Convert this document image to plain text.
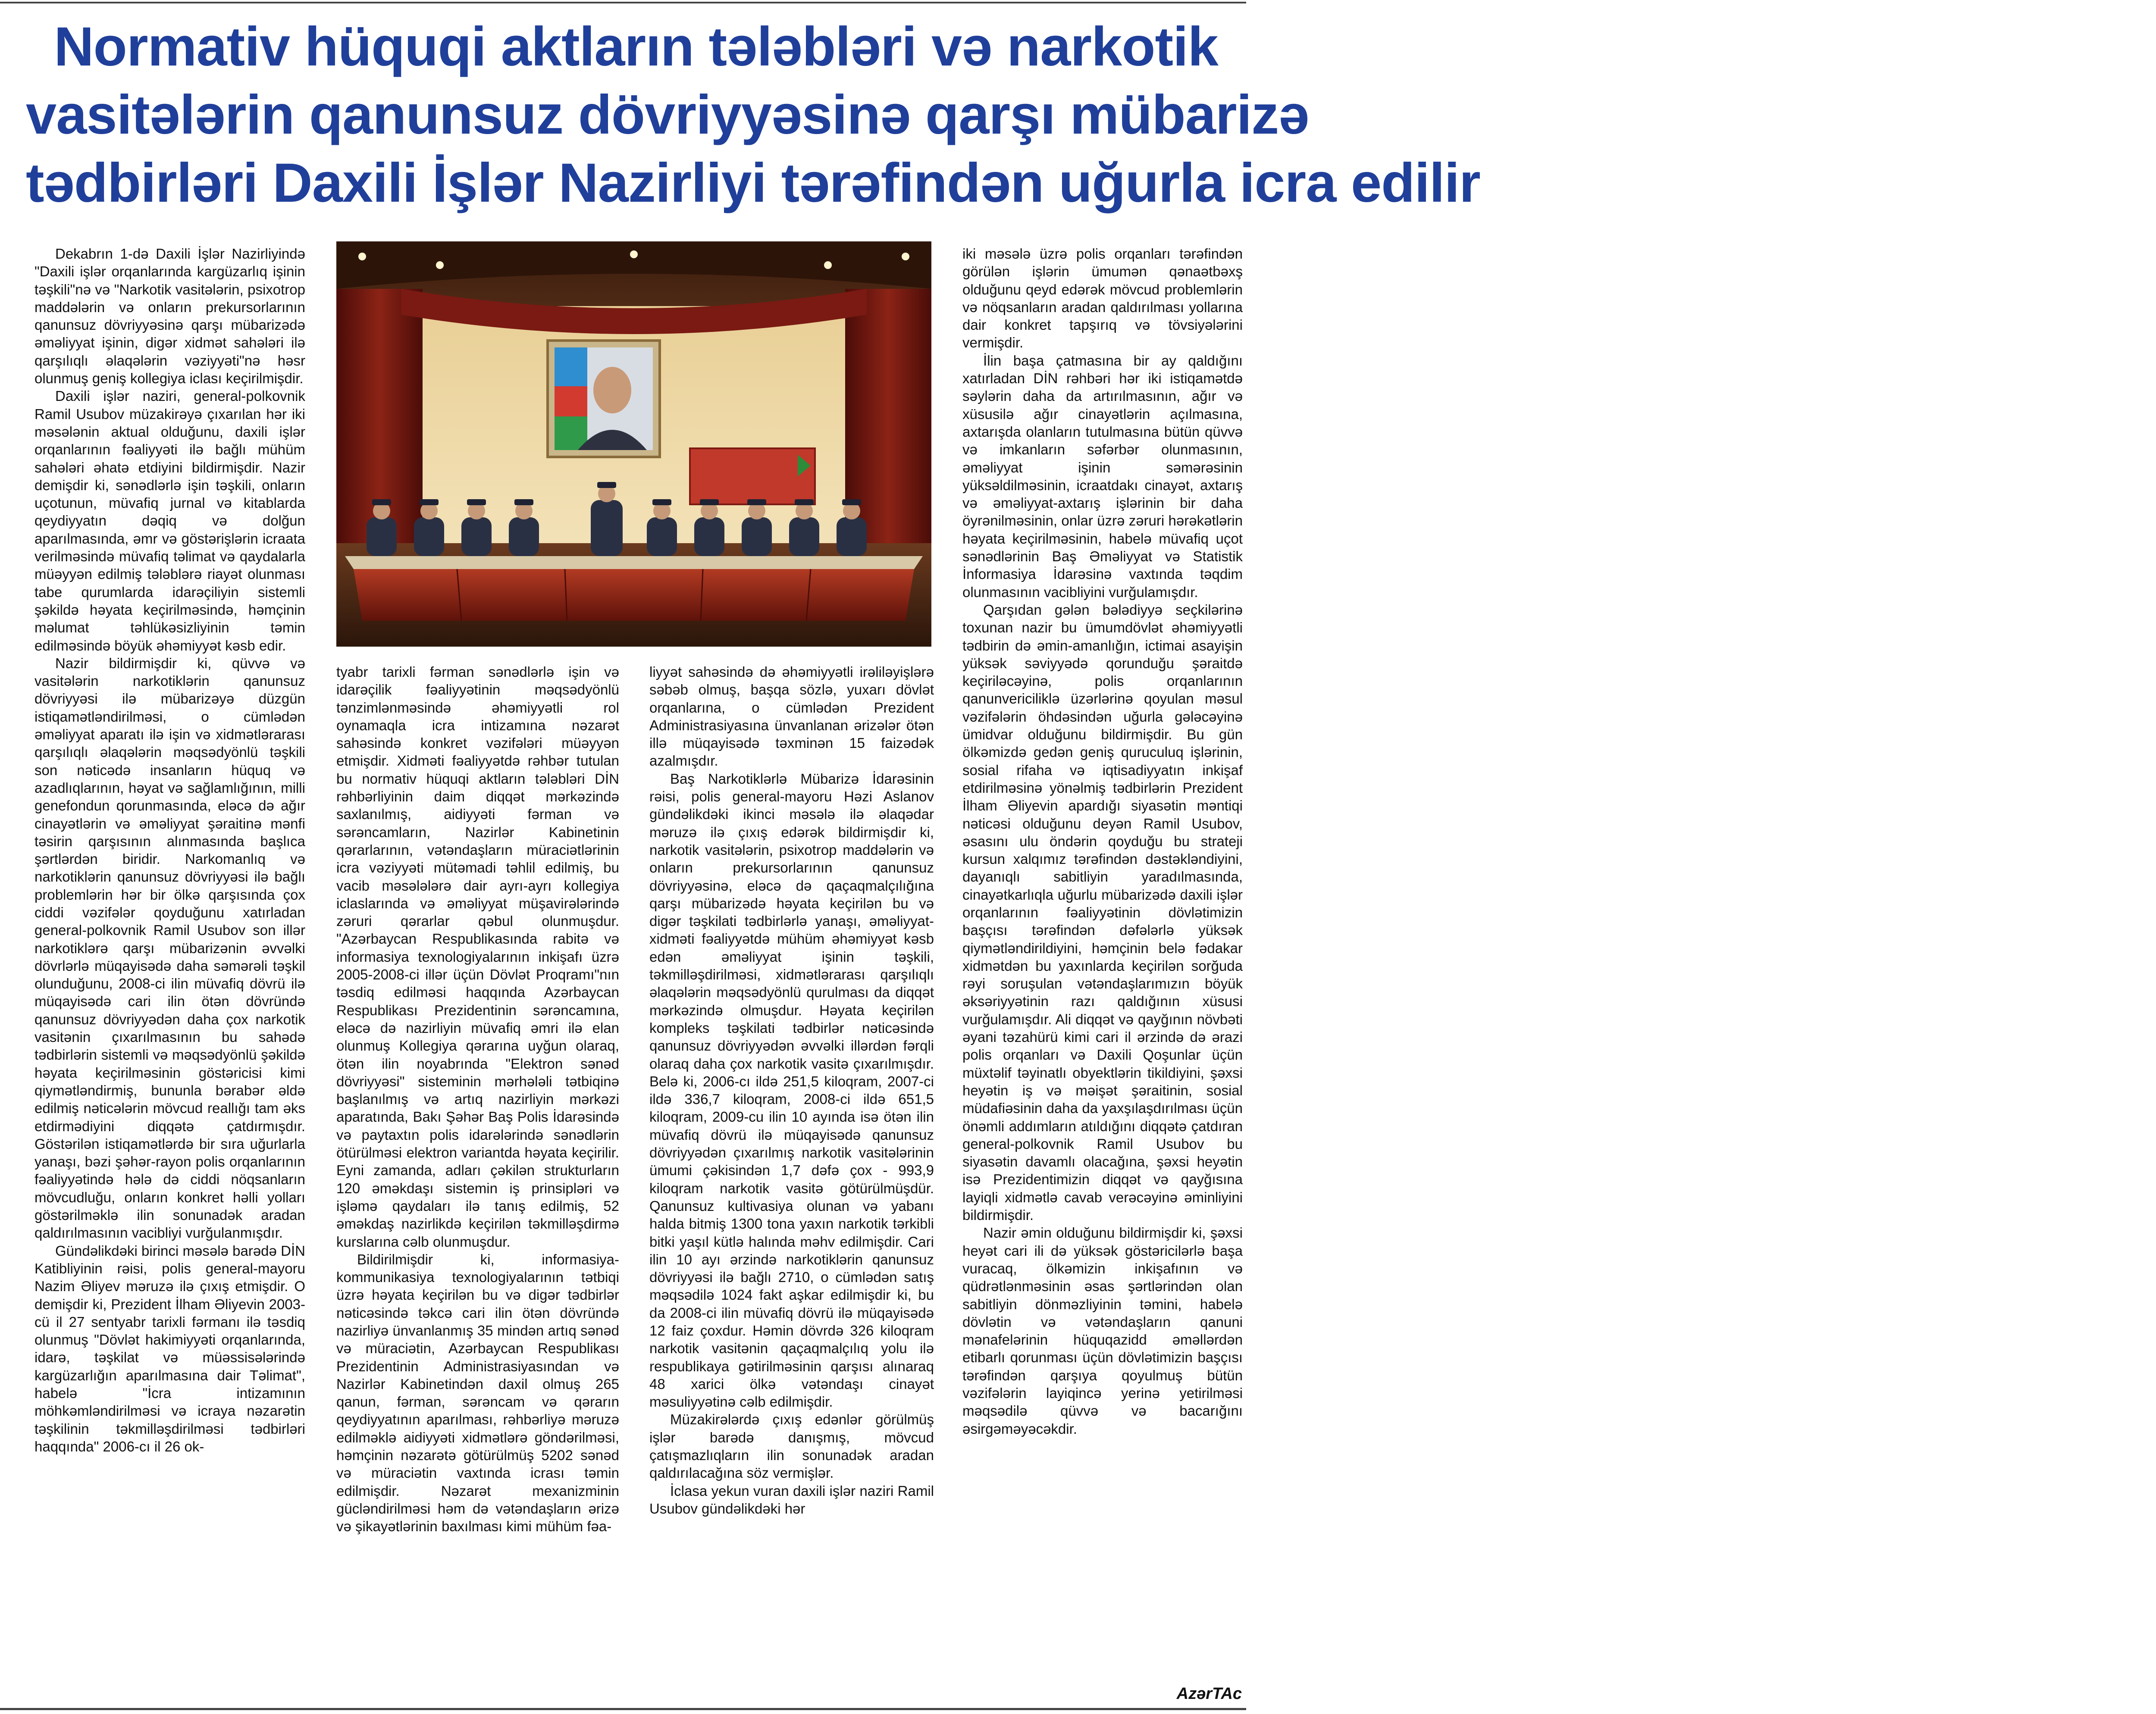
Normativ hüquqi aktların tələbləri və narkotik
vasitələrin qanunsuz dövriyyəsinə qarşı mübarizə
tədbirləri Daxili İşlər Nazirliyi tərəfindən uğurla icra edilir

Dekabrın 1-də Daxili İşlər Nazirliyində "Daxili işlər orqanlarında kargüzarlıq işinin təşkili"nə və "Narkotik vasitələrin, psixotrop maddələrin və onların prekursorlarının qanunsuz dövriyyəsinə qarşı mübarizədə əməliyyat işinin, digər xidmət sahələri ilə qarşılıqlı əlaqələrin vəziyyəti"nə həsr olunmuş geniş kollegiya iclası keçirilmişdir.

Daxili işlər naziri, general-polkovnik Ramil Usubov müzakirəyə çıxarılan hər iki məsələnin aktual olduğunu, daxili işlər orqanlarının fəaliyyəti ilə bağlı mühüm sahələri əhatə etdiyini bildirmişdir. Nazir demişdir ki, sənədlərlə işin təşkili, onların uçotunun, müvafiq jurnal və kitablarda qeydiyyatın dəqiq və dolğun aparılmasında, əmr və göstərişlərin icraata verilməsində müvafiq təlimat və qaydalarla müəyyən edilmiş tələblərə riayət olunması tabe qurumlarda idarəçiliyin sistemli şəkildə həyata keçirilməsində, həmçinin məlumat təhlükəsizliyinin təmin edilməsində böyük əhəmiyyət kəsb edir.

Nazir bildirmişdir ki, qüvvə və vasitələrin narkotiklərin qanunsuz dövriyyəsi ilə mübarizəyə düzgün istiqamətləndirilməsi, o cümlədən əməliyyat aparatı ilə işin və xidmətlərarası qarşılıqlı əlaqələrin məqsədyönlü təşkili son nəticədə insanların hüquq və azadlıqlarının, həyat və sağlamlığının, milli genefondun qorunmasında, eləcə də ağır cinayətlərin və əməliyyat şəraitinə mənfi təsirin qarşısının alınmasında başlıca şərtlərdən biridir. Narkomanlıq və narkotiklərin qanunsuz dövriyyəsi ilə bağlı problemlərin hər bir ölkə qarşısında çox ciddi vəzifələr qoyduğunu xatırladan general-polkovnik Ramil Usubov son illər narkotiklərə qarşı mübarizənin əvvəlki dövrlərlə müqayisədə daha səmərəli təşkil olunduğunu, 2008-ci ilin müvafiq dövrü ilə müqayisədə cari ilin ötən dövründə qanunsuz dövriyyədən daha çox narkotik vasitənin çıxarılmasının bu sahədə tədbirlərin sistemli və məqsədyönlü şəkildə həyata keçirilməsinin göstəricisi kimi qiymətləndirmiş, bununla bərabər əldə edilmiş nəticələrin mövcud reallığı tam əks etdirmədiyini diqqətə çatdırmışdır. Göstərilən istiqamətlərdə bir sıra uğurlarla yanaşı, bəzi şəhər-rayon polis orqanlarının fəaliyyətində hələ də ciddi nöqsanların mövcudluğu, onların konkret həlli yolları göstərilməklə ilin sonunadək aradan qaldırılmasının vacibliyi vurğulanmışdır.

Gündəlikdəki birinci məsələ barədə DİN Katibliyinin rəisi, polis general-mayoru Nazim Əliyev məruzə ilə çıxış etmişdir. O demişdir ki, Prezident İlham Əliyevin 2003-cü il 27 sentyabr tarixli fərmanı ilə təsdiq olunmuş "Dövlət hakimiyyəti orqanlarında, idarə, təşkilat və müəssisələrində kargüzarlığın aparılmasına dair Təlimat", habelə "İcra intizamının möhkəmləndirilməsi və icraya nəzarətin təşkilinin təkmilləşdirilməsi tədbirləri haqqında" 2006-cı il 26 ok-

tyabr tarixli fərman sənədlərlə işin və idarəçilik fəaliyyətinin məqsədyönlü tənzimlənməsində əhəmiyyətli rol oynamaqla icra intizamına nəzarət sahəsində konkret vəzifələri müəyyən etmişdir. Xidməti fəaliyyətdə rəhbər tutulan bu normativ hüquqi aktların tələbləri DİN rəhbərliyinin daim diqqət mərkəzində saxlanılmış, aidiyyəti fərman və sərəncamların, Nazirlər Kabinetinin qərarlarının, vətəndaşların müraciətlərinin icra vəziyyəti mütəmadi təhlil edilmiş, bu vacib məsələlərə dair ayrı-ayrı kollegiya iclaslarında və əməliyyat müşavirələrində zəruri qərarlar qəbul olunmuşdur. "Azərbaycan Respublikasında rabitə və informasiya texnologiyalarının inkişafı üzrə 2005-2008-ci illər üçün Dövlət Proqramı"nın təsdiq edilməsi haqqında Azərbaycan Respublikası Prezidentinin sərəncamına, eləcə də nazirliyin müvafiq əmri ilə elan olunmuş Kollegiya qərarına uyğun olaraq, ötən ilin noyabrında "Elektron sənəd dövriyyəsi" sisteminin mərhələli tətbiqinə başlanılmış və artıq nazirliyin mərkəzi aparatında, Bakı Şəhər Baş Polis İdarəsində və paytaxtın polis idarələrində sənədlərin ötürülməsi elektron variantda həyata keçirilir. Eyni zamanda, adları çəkilən strukturların 120 əməkdaşı sistemin iş prinsipləri və işləmə qaydaları ilə tanış edilmiş, 52 əməkdaş nazirlikdə keçirilən təkmilləşdirmə kurslarına cəlb olunmuşdur.

Bildirilmişdir ki, informasiya-kommunikasiya texnologiyalarının tətbiqi üzrə həyata keçirilən bu və digər tədbirlər nəticəsində təkcə cari ilin ötən dövründə nazirliyə ünvanlanmış 35 mindən artıq sənəd və müraciətin, Azərbaycan Respublikası Prezidentinin Administrasiyasından və Nazirlər Kabinetindən daxil olmuş 265 qanun, fərman, sərəncam və qərarın qeydiyyatının aparılması, rəhbərliyə məruzə edilməklə aidiyyəti xidmətlərə göndərilməsi, həmçinin nəzarətə götürülmüş 5202 sənəd və müraciətin vaxtında icrası təmin edilmişdir. Nəzarət mexanizminin gücləndirilməsi həm də vətəndaşların ərizə və şikayətlərinin baxılması kimi mühüm fəa-

liyyət sahəsində də əhəmiyyətli irəliləyişlərə səbəb olmuş, başqa sözlə, yuxarı dövlət orqanlarına, o cümlədən Prezident Administrasiyasına ünvanlanan ərizələr ötən illə müqayisədə təxminən 15 faizədək azalmışdır.

Baş Narkotiklərlə Mübarizə İdarəsinin rəisi, polis general-mayoru Həzi Aslanov gündəlikdəki ikinci məsələ ilə əlaqədar məruzə ilə çıxış edərək bildirmişdir ki, narkotik vasitələrin, psixotrop maddələrin və onların prekursorlarının qanunsuz dövriyyəsinə, eləcə də qaçaqmalçılığına qarşı mübarizədə həyata keçirilən bu və digər təşkilati tədbirlərlə yanaşı, əməliyyat-xidməti fəaliyyətdə mühüm əhəmiyyət kəsb edən əməliyyat işinin təşkili, təkmilləşdirilməsi, xidmətlərarası qarşılıqlı əlaqələrin məqsədyönlü qurulması da diqqət mərkəzində olmuşdur. Həyata keçirilən kompleks təşkilati tədbirlər nəticəsində qanunsuz dövriyyədən əvvəlki illərdən fərqli olaraq daha çox narkotik vasitə çıxarılmışdır. Belə ki, 2006-cı ildə 251,5 kiloqram, 2007-ci ildə 336,7 kiloqram, 2008-ci ildə 651,5 kiloqram, 2009-cu ilin 10 ayında isə ötən ilin müvafiq dövrü ilə müqayisədə qanunsuz dövriyyədən çıxarılmış narkotik vasitələrinin ümumi çəkisindən 1,7 dəfə çox - 993,9 kiloqram narkotik vasitə götürülmüşdür. Qanunsuz kultivasiya olunan və yabanı halda bitmiş 1300 tona yaxın narkotik tərkibli bitki yaşıl kütlə halında məhv edilmişdir. Cari ilin 10 ayı ərzində narkotiklərin qanunsuz dövriyyəsi ilə bağlı 2710, o cümlədən satış məqsədilə 1024 fakt aşkar edilmişdir ki, bu da 2008-ci ilin müvafiq dövrü ilə müqayisədə 12 faiz çoxdur. Həmin dövrdə 326 kiloqram narkotik vasitənin qaçaqmalçılıq yolu ilə respublikaya gətirilməsinin qarşısı alınaraq 48 xarici ölkə vətəndaşı cinayət məsuliyyətinə cəlb edilmişdir.

Müzakirələrdə çıxış edənlər görülmüş işlər barədə danışmış, mövcud çatışmazlıqların ilin sonunadək aradan qaldırılacağına söz vermişlər.

İclasa yekun vuran daxili işlər naziri Ramil Usubov gündəlikdəki hər

iki məsələ üzrə polis orqanları tərəfindən görülən işlərin ümumən qənaətbəxş olduğunu qeyd edərək mövcud problemlərin və nöqsanların aradan qaldırılması yollarına dair konkret tapşırıq və tövsiyələrini vermişdir.

İlin başa çatmasına bir ay qaldığını xatırladan DİN rəhbəri hər iki istiqamətdə səylərin daha da artırılmasının, ağır və xüsusilə ağır cinayətlərin açılmasına, axtarışda olanların tutulmasına bütün qüvvə və imkanların səfərbər olunmasının, əməliyyat işinin səmərəsinin yüksəldilməsinin, icraatdakı cinayət, axtarış və əməliyyat-axtarış işlərinin bir daha öyrənilməsinin, onlar üzrə zəruri hərəkətlərin həyata keçirilməsinin, habelə müvafiq uçot sənədlərinin Baş Əməliyyat və Statistik İnformasiya İdarəsinə vaxtında təqdim olunmasının vacibliyini vurğulamışdır.

Qarşıdan gələn bələdiyyə seçkilərinə toxunan nazir bu ümumdövlət əhəmiyyətli tədbirin də əmin-amanlığın, ictimai asayişin yüksək səviyyədə qorunduğu şəraitdə keçiriləcəyinə, polis orqanlarının qanunvericiliklə üzərlərinə qoyulan məsul vəzifələrin öhdəsindən uğurla gələcəyinə ümidvar olduğunu bildirmişdir. Bu gün ölkəmizdə gedən geniş quruculuq işlərinin, sosial rifaha və iqtisadiyyatın inkişaf etdirilməsinə yönəlmiş tədbirlərin Prezident İlham Əliyevin apardığı siyasətin məntiqi nəticəsi olduğunu deyən Ramil Usubov, əsasını ulu öndərin qoyduğu bu strateji kursun xalqımız tərəfindən dəstəkləndiyini, dayanıqlı sabitliyin yaradılmasında, cinayətkarlıqla uğurlu mübarizədə daxili işlər orqanlarının fəaliyyətinin dövlətimizin başçısı tərəfindən dəfələrlə yüksək qiymətləndirildiyini, həmçinin belə fədakar xidmətdən bu yaxınlarda keçirilən sorğuda rəyi soruşulan vətəndaşlarımızın böyük əksəriyyətinin razı qaldığının xüsusi vurğulamışdır. Ali diqqət və qayğının növbəti əyani təzahürü kimi cari il ərzində də ərazi polis orqanları və Daxili Qoşunlar üçün müxtəlif təyinatlı obyektlərin tikildiyini, şəxsi heyətin iş və məişət şəraitinin, sosial müdafiəsinin daha da yaxşılaşdırılması üçün önəmli addımların atıldığını diqqətə çatdıran general-polkovnik Ramil Usubov bu siyasətin davamlı olacağına, şəxsi heyətin isə Prezidentimizin diqqət və qayğısına layiqli xidmətlə cavab verəcəyinə əminliyini bildirmişdir.

Nazir əmin olduğunu bildirmişdir ki, şəxsi heyət cari ili də yüksək göstəricilərlə başa vuracaq, ölkəmizin inkişafının və qüdrətlənməsinin əsas şərtlərindən olan sabitliyin dönməzliyinin təmini, habelə dövlətin və vətəndaşların qanuni mənafelərinin hüquqazidd əməllərdən etibarlı qorunması üçün dövlətimizin başçısı tərəfindən qarşıya qoyulmuş bütün vəzifələrin layiqincə yerinə yetirilməsi məqsədilə qüvvə və bacarığını əsirgəməyəcəkdir.

AzərTAc
